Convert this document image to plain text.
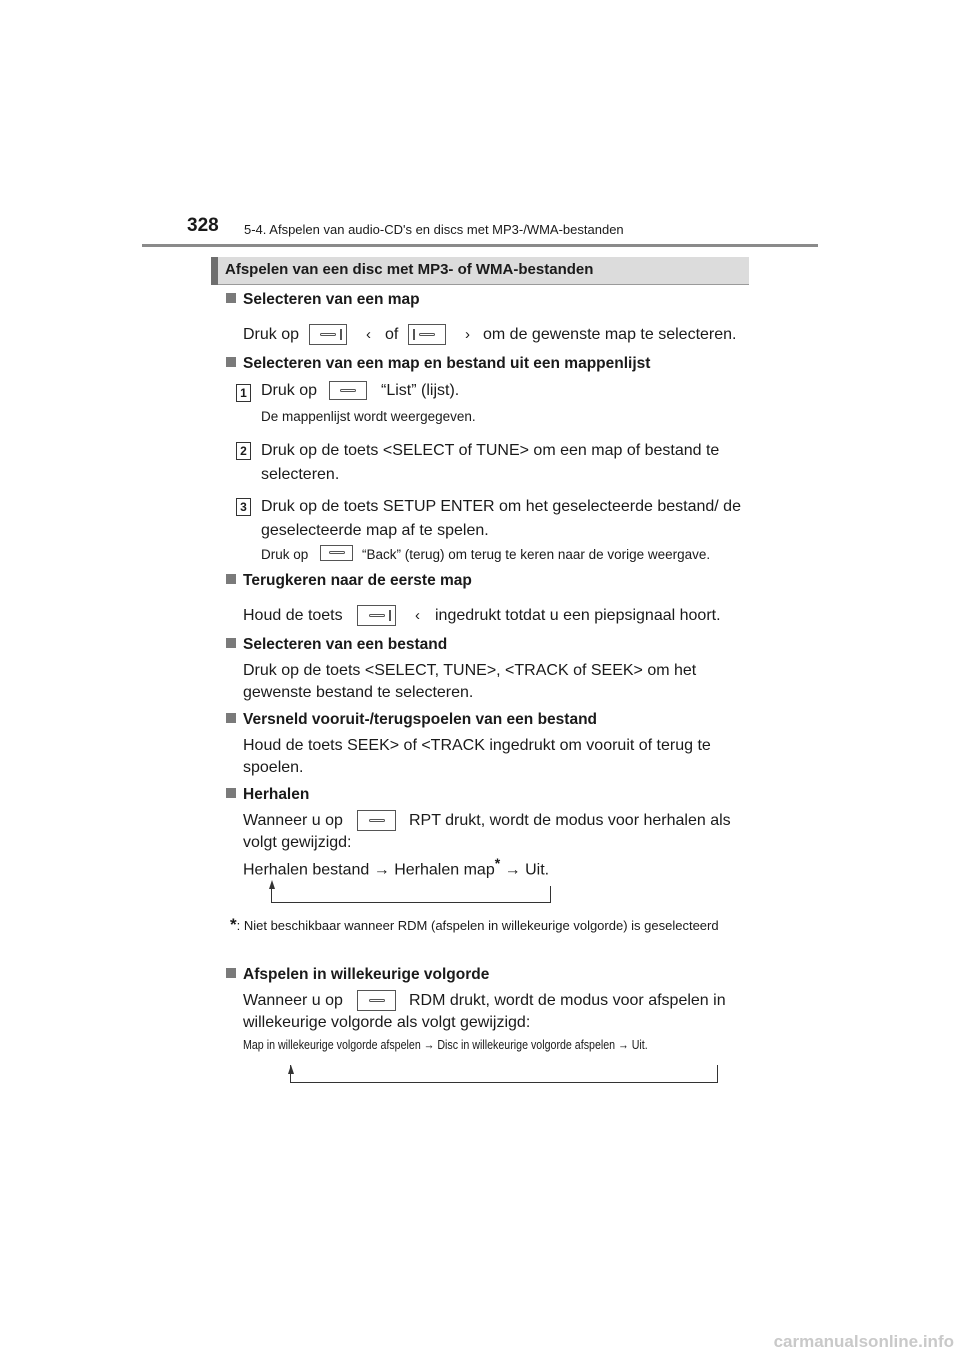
328 5-4. Afspelen van audio-CD's en discs met MP3-/WMA-bestanden
Afspelen van een disc met MP3- of WMA-bestanden
Selecteren van een map
Druk op	‹ of	› om de gewenste map te selecteren.
Selecteren van een map en bestand uit een mappenlijst
1 Druk op	“List” (lijst).
De mappenlijst wordt weergegeven.
2 Druk op de toets <SELECT of TUNE> om een map of bestand te selecteren.
3 Druk op de toets SETUP ENTER om het geselecteerde bestand/ de geselecteerde map af te spelen.
Druk op	“Back” (terug) om terug te keren naar de vorige weergave.
Terugkeren naar de eerste map
Houd de toets	‹ ingedrukt totdat u een piepsignaal hoort.
Selecteren van een bestand
Druk op de toets <SELECT, TUNE>, <TRACK of SEEK> om het gewenste bestand te selecteren.
Versneld vooruit-/terugspoelen van een bestand
Houd de toets SEEK> of <TRACK ingedrukt om vooruit of terug te spoelen.
Herhalen
Wanneer u op	RPT drukt, wordt de modus voor herhalen als
volgt gewijzigd:
Herhalen bestand → Herhalen map* → Uit.
*: Niet beschikbaar wanneer RDM (afspelen in willekeurige volgorde) is geselecteerd
Afspelen in willekeurige volgorde
Wanneer u op	RDM drukt, wordt de modus voor afspelen in
willekeurige volgorde als volgt gewijzigd:
Map in willekeurige volgorde afspelen → Disc in willekeurige volgorde afspelen → Uit.
carmanualsonline.info
